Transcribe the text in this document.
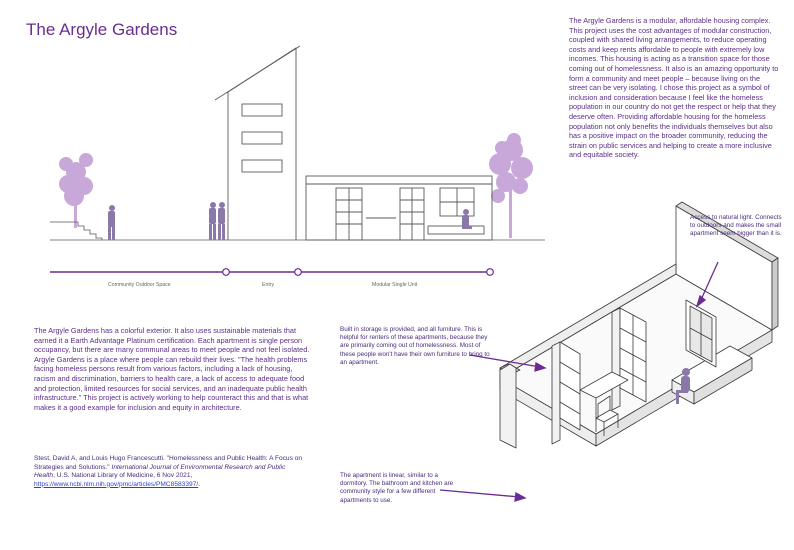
The Argyle Gardens	The Argyle Gardens is a modular, affordable housing complex. This project uses the cost advantages of modular construction, coupled with shared living arrangements, to reduce operating costs and keep rents affordable to people with extremely low incomes. This housing is acting as a transition space for those coming out of homelessness. It also is an amazing opportunity to form a community and meet people – because living on the street can be very isolating. I chose this project as a symbol of inclusion and consideration because I feel like the homeless population in our country do not get the respect or help that they deserve often. Providing affordable housing for the homeless population not only benefits the individuals themselves but also has a positive impact on the broader community, reducing the strain on public services and helping to create a more inclusive and equitable society.
Community Outdoor Space	Entry	Modular Single Unit
The Argyle Gardens has a colorful exterior. It also uses sustainable materials that earned it a Earth Advantage Platinum certification. Each apartment is single person occupancy, but there are many communal areas to meet people and not feel isolated. Argyle Gardens is a place where people can rebuild their lives. "The health problems facing homeless persons result from various factors, including a lack of housing, racism and discrimination, barriers to health care, a lack of access to adequate food and protection, limited resources for social services, and an inadequate public health infrastructure." This project is actively working to help counteract this and that is what makes it a good example for inclusion and equity in architecture.
Stest, David A, and Louis Hugo Francescutti. "Homelessness and Public Health: A Focus on Strategies and Solutions." International Journal of Environmental Research and Public Health, U.S. National Library of Medicine, 6 Nov 2021, https://www.ncbi.nlm.nih.gov/pmc/articles/PMC8583397/.
Access to natural light. Connects to outdoors and makes the small apartment seem bigger than it is.
Built in storage is provided, and all furniture. This is helpful for renters of these apartments, because they are primarily coming out of homelessness. Most of these people won't have their own furniture to bring to an apartment.
The apartment is linear, similar to a dormitory. The bathroom and kitchen are community style for a few different apartments to use.
